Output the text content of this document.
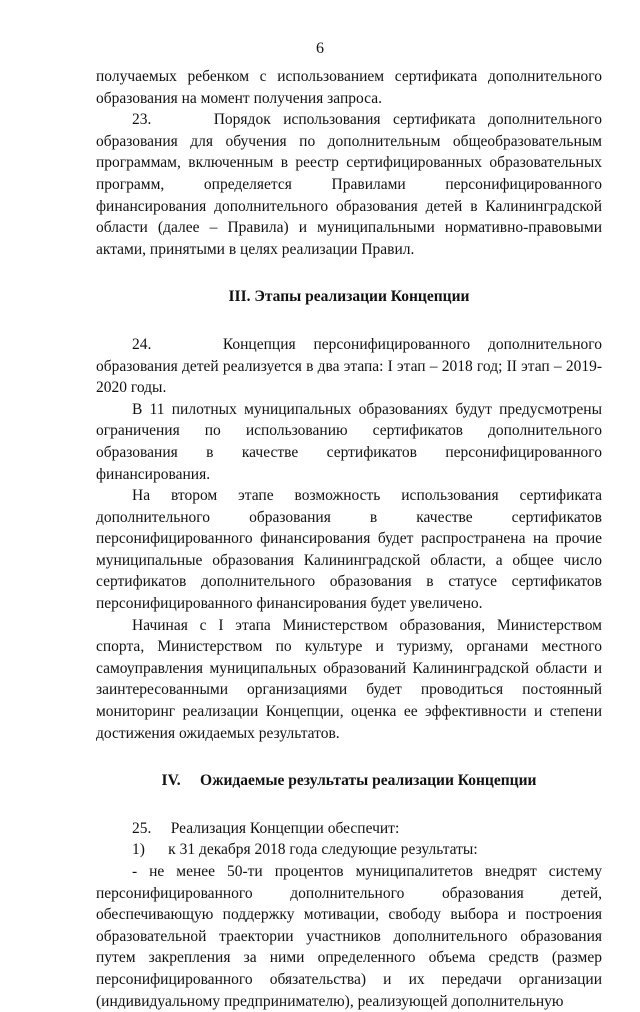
6

получаемых ребенком с использованием сертификата дополнительного образования на момент получения запроса.

23.     Порядок использования сертификата дополнительного образования для обучения по дополнительным общеобразовательным программам, включенным в реестр сертифицированных образовательных программ, определяется Правилами персонифицированного финансирования дополнительного образования детей в Калининградской области (далее – Правила) и муниципальными нормативно-правовыми актами, принятыми в целях реализации Правил.

III. Этапы реализации Концепции

24.    Концепция персонифицированного дополнительного образования детей реализуется в два этапа: I этап – 2018 год; II этап – 2019-2020 годы.

В 11 пилотных муниципальных образованиях будут предусмотрены ограничения по использованию сертификатов дополнительного образования в качестве сертификатов персонифицированного финансирования.

На втором этапе возможность использования сертификата дополнительного образования в качестве сертификатов персонифицированного финансирования будет распространена на прочие муниципальные образования Калининградской области, а общее число сертификатов дополнительного образования в статусе сертификатов персонифицированного финансирования будет увеличено.

Начиная с I этапа Министерством образования, Министерством спорта, Министерством по культуре и туризму, органами местного самоуправления муниципальных образований Калининградской области и заинтересованными организациями будет проводиться постоянный мониторинг реализации Концепции, оценка ее эффективности и степени достижения ожидаемых результатов.

IV.     Ожидаемые результаты реализации Концепции

25.     Реализация Концепции обеспечит:

1)      к 31 декабря 2018 года следующие результаты:

- не менее 50-ти процентов муниципалитетов внедрят систему персонифицированного дополнительного образования детей, обеспечивающую поддержку мотивации, свободу выбора и построения образовательной траектории участников дополнительного образования путем закрепления за ними определенного объема средств (размер персонифицированного обязательства) и их передачи организации (индивидуальному предпринимателю), реализующей дополнительную
